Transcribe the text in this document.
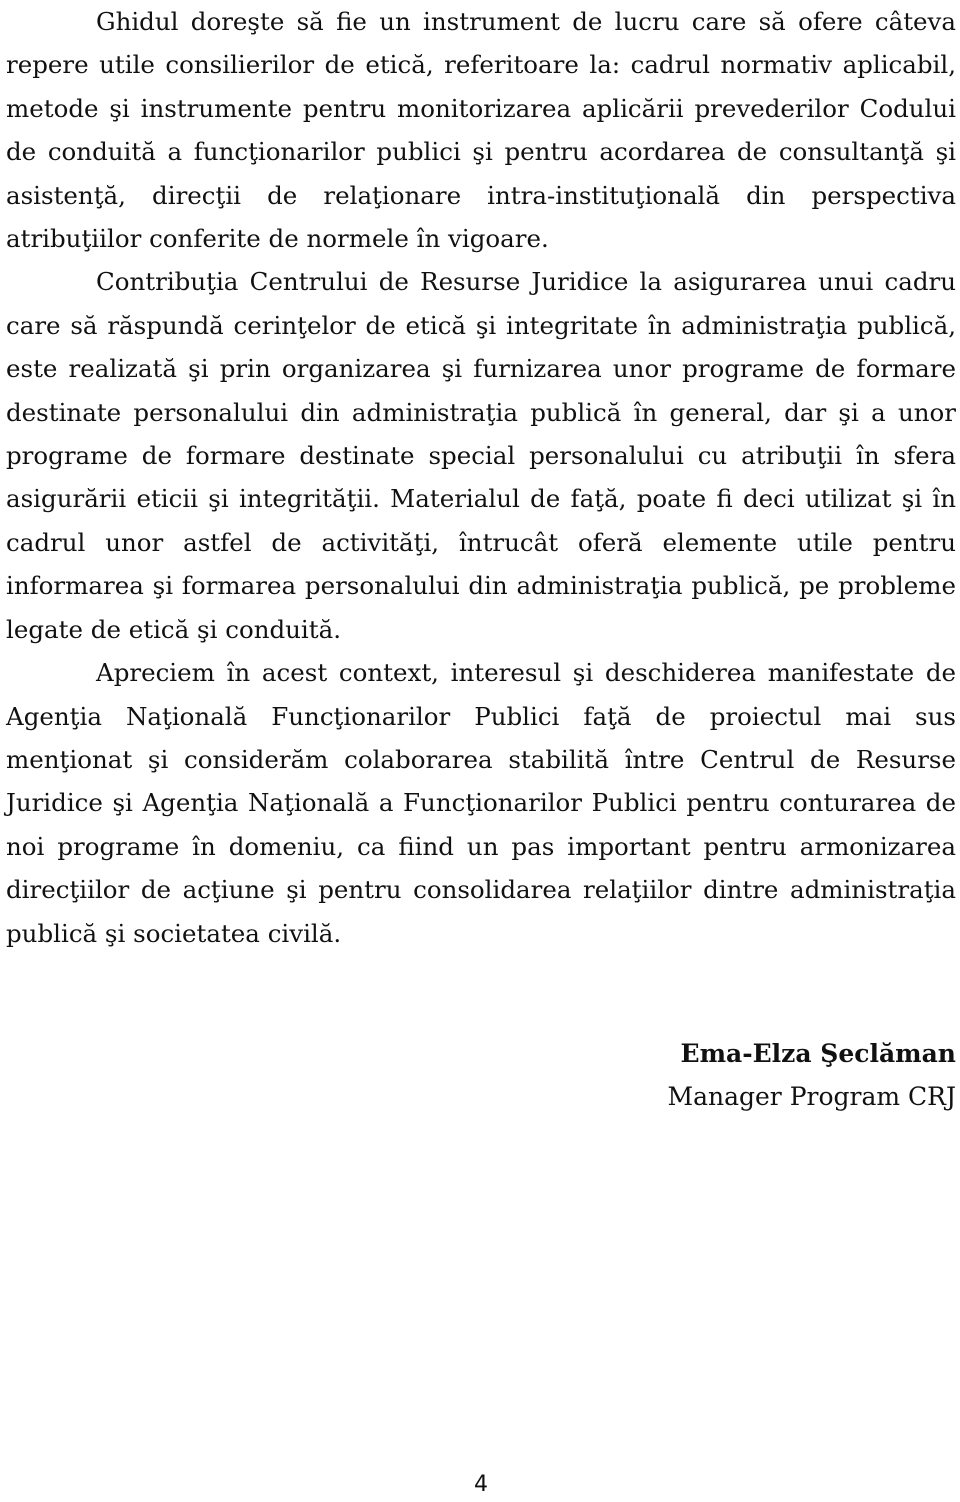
Ghidul doreşte să fie un instrument de lucru care să ofere câteva repere utile consilierilor de etică, referitoare la: cadrul normativ aplicabil, metode şi instrumente pentru monitorizarea aplicării prevederilor Codului de conduită a funcţionarilor publici şi pentru acordarea de consultanţă şi asistenţă, direcţii de relaţionare intra-instituţională din perspectiva atribuţiilor conferite de normele în vigoare.

Contribuţia Centrului de Resurse Juridice la asigurarea unui cadru care să răspundă cerinţelor de etică şi integritate în administraţia publică, este realizată şi prin organizarea şi furnizarea unor programe de formare destinate personalului din administraţia publică în general, dar şi a unor programe de formare destinate special personalului cu atribuţii în sfera asigurării eticii şi integrităţii. Materialul de faţă, poate fi deci utilizat şi în cadrul unor astfel de activităţi, întrucât oferă elemente utile pentru informarea şi formarea personalului din administraţia publică, pe probleme legate de etică şi conduită.

Apreciem în acest context, interesul şi deschiderea manifestate de Agenţia Naţională Funcţionarilor Publici faţă de proiectul mai sus menţionat şi considerăm colaborarea stabilită între Centrul de Resurse Juridice şi Agenţia Naţională a Funcţionarilor Publici pentru conturarea de noi programe în domeniu, ca fiind un pas important pentru armonizarea direcţiilor de acţiune şi pentru consolidarea relaţiilor dintre administraţia publică şi societatea civilă.

Ema-Elza Şeclăman
Manager Program CRJ
4
